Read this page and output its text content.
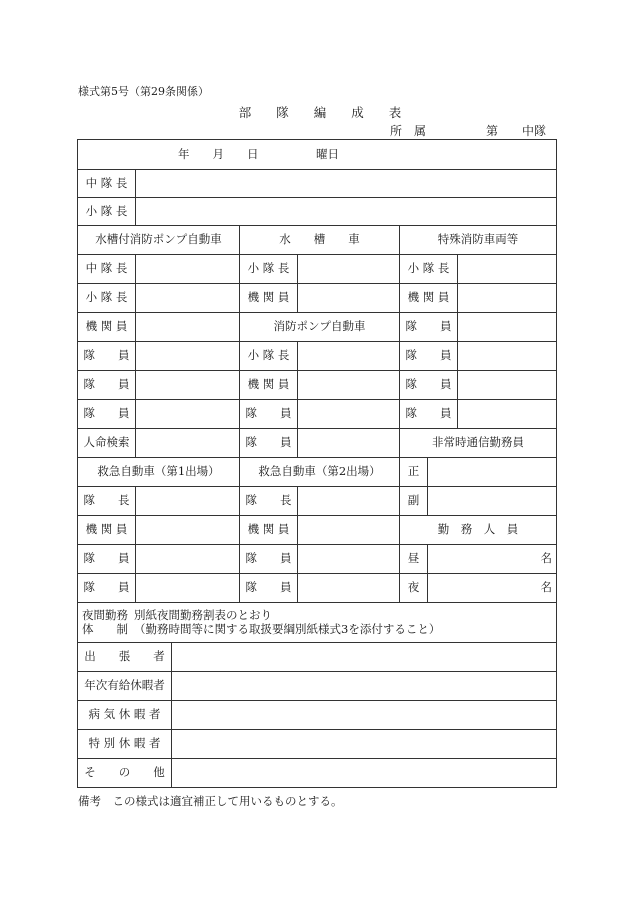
様式第5号（第29条関係）
部　　隊　　編　　成　　表
所　属　　　　　第　　中隊
年　　月　　日　　　　　曜日							
中 隊 長							
小 隊 長							
水槽付消防ポンプ自動車			水　　槽　　車		特殊消防車両等		
中 隊 長			小 隊 長		小 隊 長		
小 隊 長			機 関 員		機 関 員		
機 関 員			消防ポンプ自動車		隊　　員		
隊　　員			小 隊 長		隊　　員		
隊　　員			機 関 員		隊　　員		
隊　　員			隊　　員		隊　　員		
人命検索			隊　　員		非常時通信勤務員		
救急自動車（第1出場）			救急自動車（第2出場）		正		
隊　　長			隊　　長		副		
機 関 員			機 関 員		勤　務　人　員		
隊　　員			隊　　員		昼	名	
隊　　員			隊　　員		夜	名	
夜間勤務
体　　制別紙夜間勤務割表のとおり
（勤務時間等に関する取扱要綱別紙様式3を添付すること）							
出　　張　　者							
年次有給休暇者							
病 気 休 暇 者							
特 別 休 暇 者							
そ　　の　　他							
備考　この様式は適宜補正して用いるものとする。
